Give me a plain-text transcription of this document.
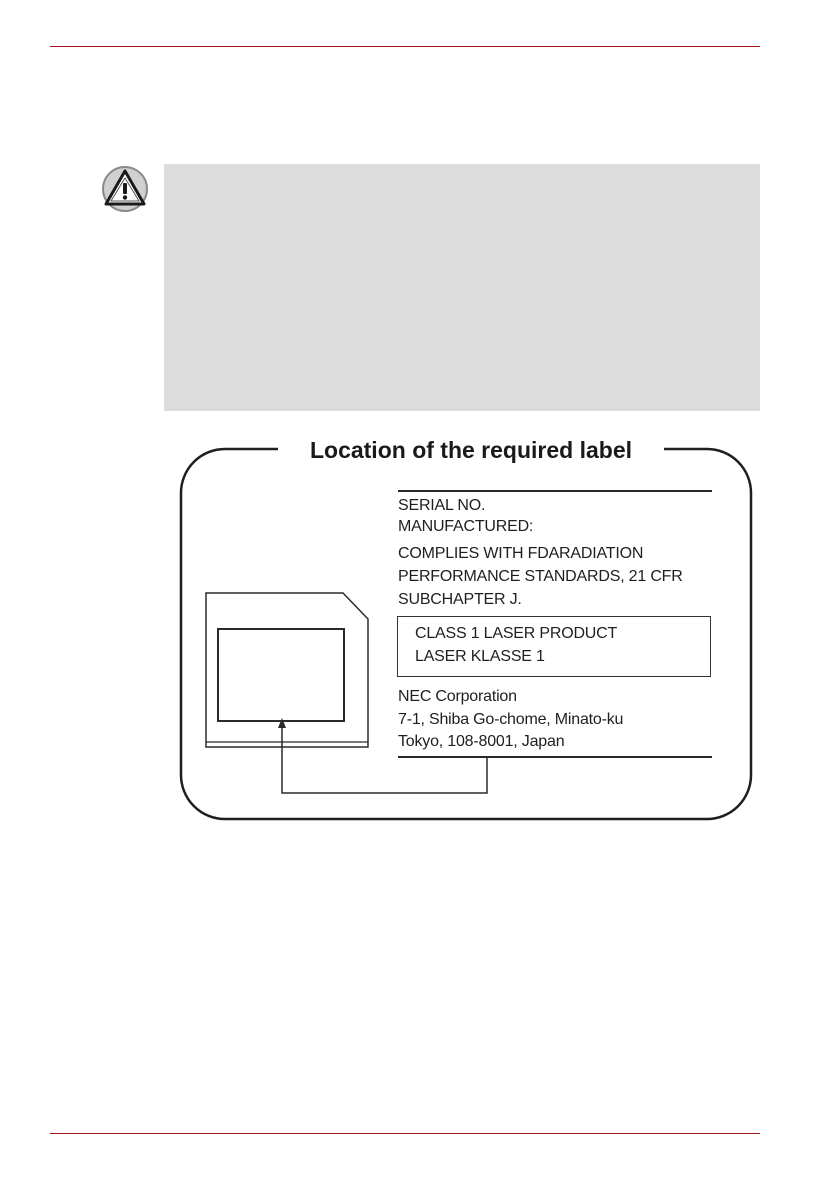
Location of the required label
SERIAL NO.
MANUFACTURED:
COMPLIES WITH FDARADIATION
PERFORMANCE STANDARDS, 21 CFR
SUBCHAPTER J.
CLASS 1 LASER PRODUCT
LASER KLASSE 1
NEC Corporation
7-1, Shiba Go-chome, Minato-ku
Tokyo, 108-8001, Japan
